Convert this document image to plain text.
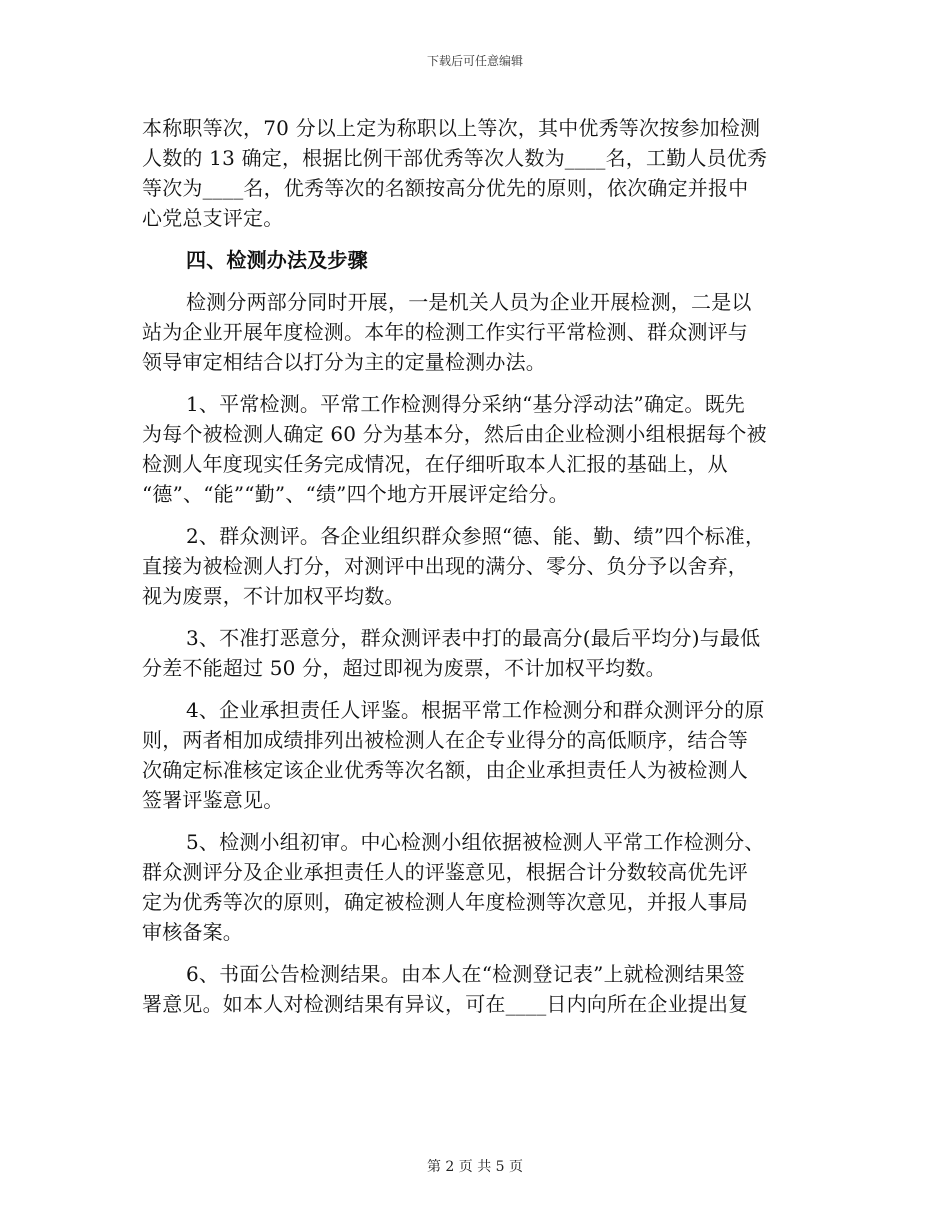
下载后可任意编辑
本称职等次，70 分以上定为称职以上等次，其中优秀等次按参加检测
人数的 13 确定，根据比例干部优秀等次人数为____名，工勤人员优秀
等次为____名，优秀等次的名额按高分优先的原则，依次确定并报中
心党总支评定。
四、检测办法及步骤
检测分两部分同时开展，一是机关人员为企业开展检测，二是以
站为企业开展年度检测。本年的检测工作实行平常检测、群众测评与
领导审定相结合以打分为主的定量检测办法。
1、平常检测。平常工作检测得分采纳“基分浮动法”确定。既先
为每个被检测人确定 60 分为基本分，然后由企业检测小组根据每个被
检测人年度现实任务完成情况，在仔细听取本人汇报的基础上，从
“德”、“能”“勤”、“绩”四个地方开展评定给分。
2、群众测评。各企业组织群众参照“德、能、勤、绩”四个标准，
直接为被检测人打分，对测评中出现的满分、零分、负分予以舍弃，
视为废票，不计加权平均数。
3、不准打恶意分，群众测评表中打的最高分(最后平均分)与最低
分差不能超过 50 分，超过即视为废票，不计加权平均数。
4、企业承担责任人评鉴。根据平常工作检测分和群众测评分的原
则，两者相加成绩排列出被检测人在企专业得分的高低顺序，结合等
次确定标准核定该企业优秀等次名额，由企业承担责任人为被检测人
签署评鉴意见。
5、检测小组初审。中心检测小组依据被检测人平常工作检测分、
群众测评分及企业承担责任人的评鉴意见，根据合计分数较高优先评
定为优秀等次的原则，确定被检测人年度检测等次意见，并报人事局
审核备案。
6、书面公告检测结果。由本人在“检测登记表”上就检测结果签
署意见。如本人对检测结果有异议，可在____日内向所在企业提出复
第 2 页 共 5 页
